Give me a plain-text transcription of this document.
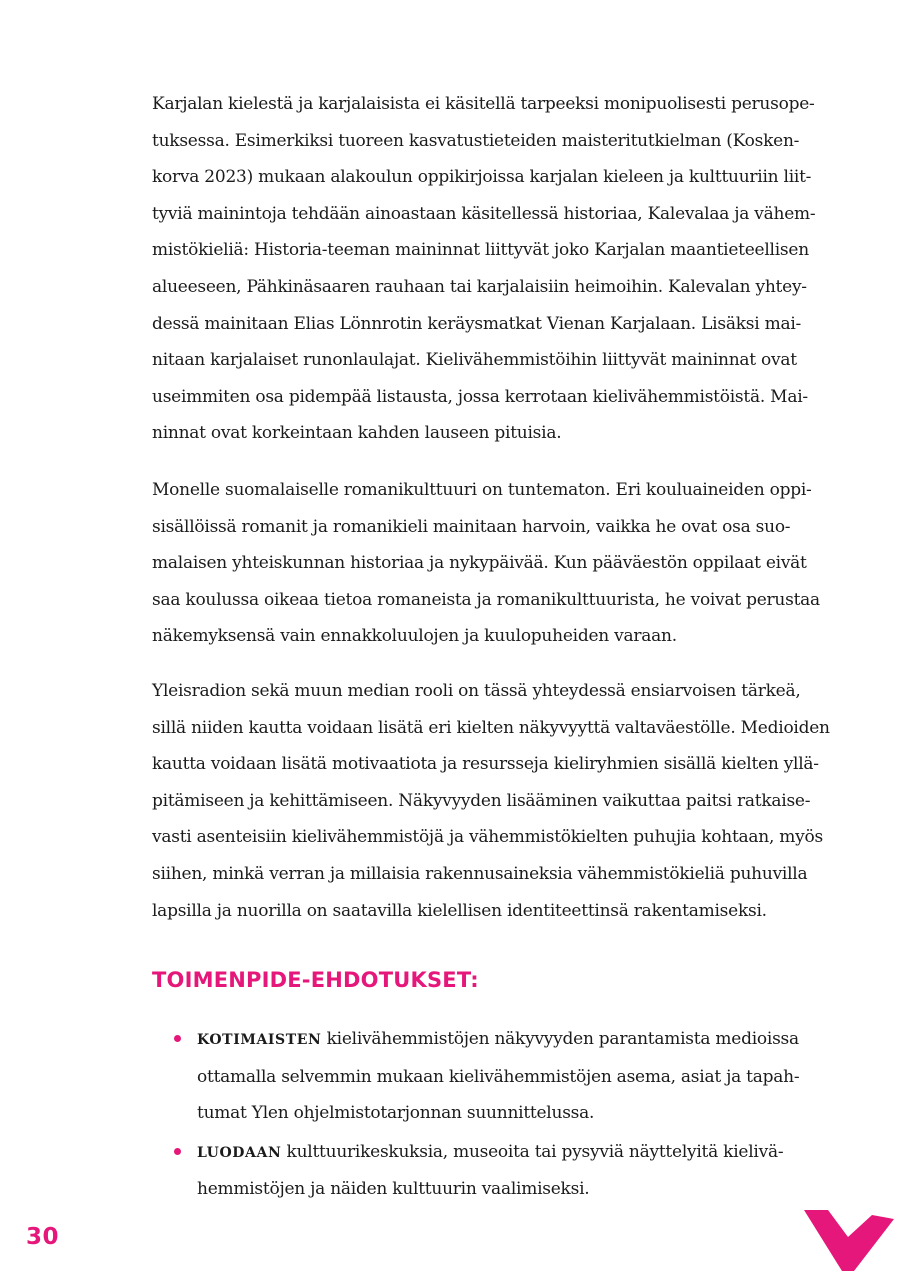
Karjalan kielestä ja karjalaisista ei käsitellä tarpeeksi monipuolisesti perusope-
tuksessa. Esimerkiksi tuoreen kasvatustieteiden maisteritutkielman (Kosken-
korva 2023) mukaan alakoulun oppikirjoissa karjalan kieleen ja kulttuuriin liit-
tyviä mainintoja tehdään ainoastaan käsitellessä historiaa, Kalevalaa ja vähem-
mistökieliä: Historia-teeman maininnat liittyvät joko Karjalan maantieteellisen
alueeseen, Pähkinäsaaren rauhaan tai karjalaisiin heimoihin. Kalevalan yhtey-
dessä mainitaan Elias Lönnrotin keräysmatkat Vienan Karjalaan. Lisäksi mai-
nitaan karjalaiset runonlaulajat. Kielivähemmistöihin liittyvät maininnat ovat
useimmiten osa pidempää listausta, jossa kerrotaan kielivähemmistöistä. Mai-
ninnat ovat korkeintaan kahden lauseen pituisia.

Monelle suomalaiselle romanikulttuuri on tuntematon. Eri kouluaineiden oppi-
sisällöissä romanit ja romanikieli mainitaan harvoin, vaikka he ovat osa suo-
malaisen yhteiskunnan historiaa ja nykypäivää. Kun pääväestön oppilaat eivät
saa koulussa oikeaa tietoa romaneista ja romanikulttuurista, he voivat perustaa
näkemyksensä vain ennakkoluulojen ja kuulopuheiden varaan.

Yleisradion sekä muun median rooli on tässä yhteydessä ensiarvoisen tärkeä,
sillä niiden kautta voidaan lisätä eri kielten näkyvyyttä valtaväestölle. Medioiden
kautta voidaan lisätä motivaatiota ja resursseja kieliryhmien sisällä kielten yllä-
pitämiseen ja kehittämiseen. Näkyvyyden lisääminen vaikuttaa paitsi ratkaise-
vasti asenteisiin kielivähemmistöjä ja vähemmistökielten puhujia kohtaan, myös
siihen, minkä verran ja millaisia rakennusaineksia vähemmistökieliä puhuvilla
lapsilla ja nuorilla on saatavilla kielellisen identiteettinsä rakentamiseksi.

TOIMENPIDE-EHDOTUKSET:
KOTIMAISTEN kielivähemmistöjen näkyvyyden parantamista medioissa
ottamalla selvemmin mukaan kielivähemmistöjen asema, asiat ja tapah-
tumat Ylen ohjelmistotarjonnan suunnittelussa.
LUODAAN kulttuurikeskuksia, museoita tai pysyviä näyttelyitä kielivä-
hemmistöjen ja näiden kulttuurin vaalimiseksi.
30
